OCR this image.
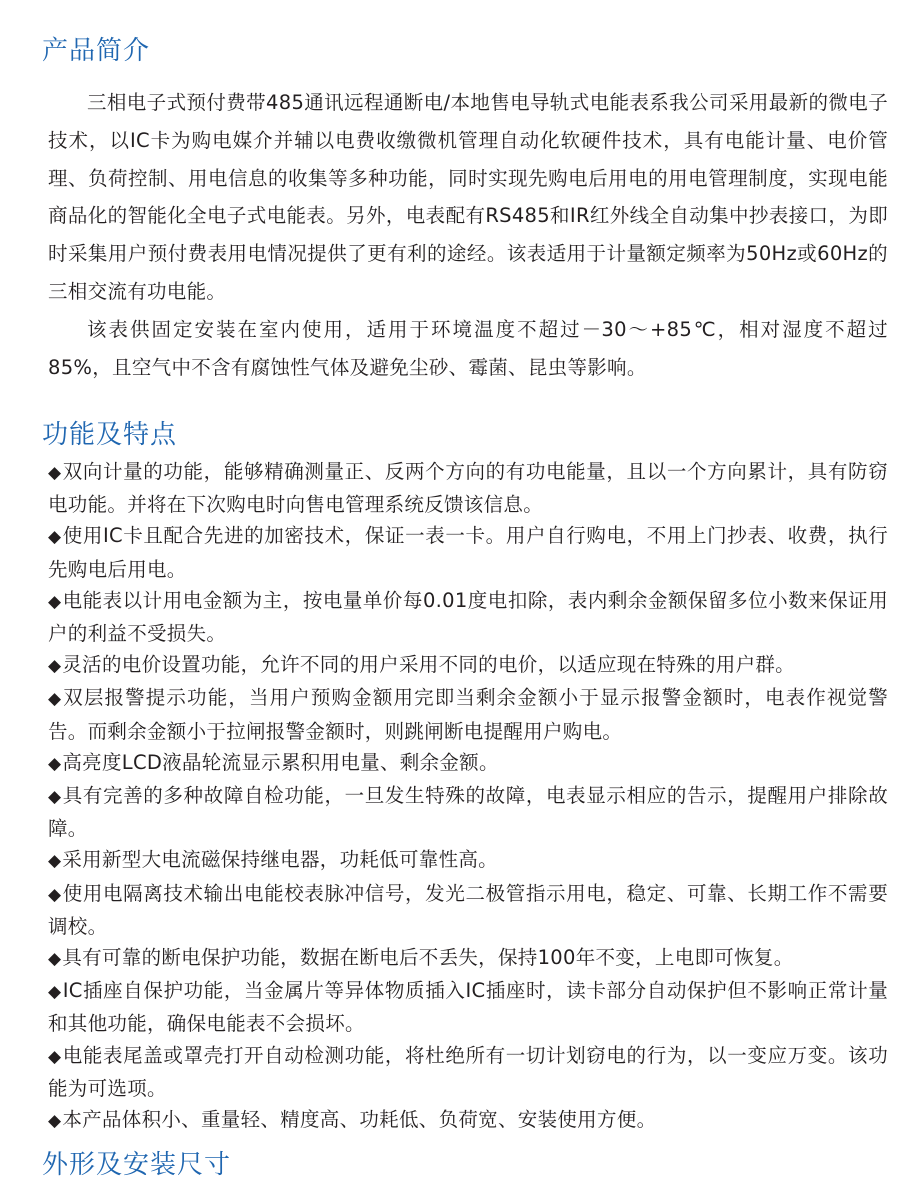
产品简介

三相电子式预付费带485通讯远程通断电/本地售电导轨式电能表系我公司采用最新的微电子技术，以IC卡为购电媒介并辅以电费收缴微机管理自动化软硬件技术，具有电能计量、电价管理、负荷控制、用电信息的收集等多种功能，同时实现先购电后用电的用电管理制度，实现电能商品化的智能化全电子式电能表。另外，电表配有RS485和IR红外线全自动集中抄表接口，为即时采集用户预付费表用电情况提供了更有利的途经。该表适用于计量额定频率为50Hz或60Hz的三相交流有功电能。

该表供固定安装在室内使用，适用于环境温度不超过－30～+85℃，相对湿度不超过85%，且空气中不含有腐蚀性气体及避免尘砂、霉菌、昆虫等影响。

功能及特点
◆双向计量的功能，能够精确测量正、反两个方向的有功电能量，且以一个方向累计，具有防窃电功能。并将在下次购电时向售电管理系统反馈该信息。
◆使用IC卡且配合先进的加密技术，保证一表一卡。用户自行购电，不用上门抄表、收费，执行先购电后用电。
◆电能表以计用电金额为主，按电量单价每0.01度电扣除，表内剩余金额保留多位小数来保证用户的利益不受损失。
◆灵活的电价设置功能，允许不同的用户采用不同的电价，以适应现在特殊的用户群。
◆双层报警提示功能，当用户预购金额用完即当剩余金额小于显示报警金额时，电表作视觉警告。而剩余金额小于拉闸报警金额时，则跳闸断电提醒用户购电。
◆高亮度LCD液晶轮流显示累积用电量、剩余金额。
◆具有完善的多种故障自检功能，一旦发生特殊的故障，电表显示相应的告示，提醒用户排除故障。
◆采用新型大电流磁保持继电器，功耗低可靠性高。
◆使用电隔离技术输出电能校表脉冲信号，发光二极管指示用电，稳定、可靠、长期工作不需要调校。
◆具有可靠的断电保护功能，数据在断电后不丢失，保持100年不变，上电即可恢复。
◆IC插座自保护功能，当金属片等异体物质插入IC插座时，读卡部分自动保护但不影响正常计量和其他功能，确保电能表不会损坏。
◆电能表尾盖或罩壳打开自动检测功能，将杜绝所有一切计划窃电的行为，以一变应万变。该功能为可选项。
◆本产品体积小、重量轻、精度高、功耗低、负荷宽、安装使用方便。
外形及安装尺寸
